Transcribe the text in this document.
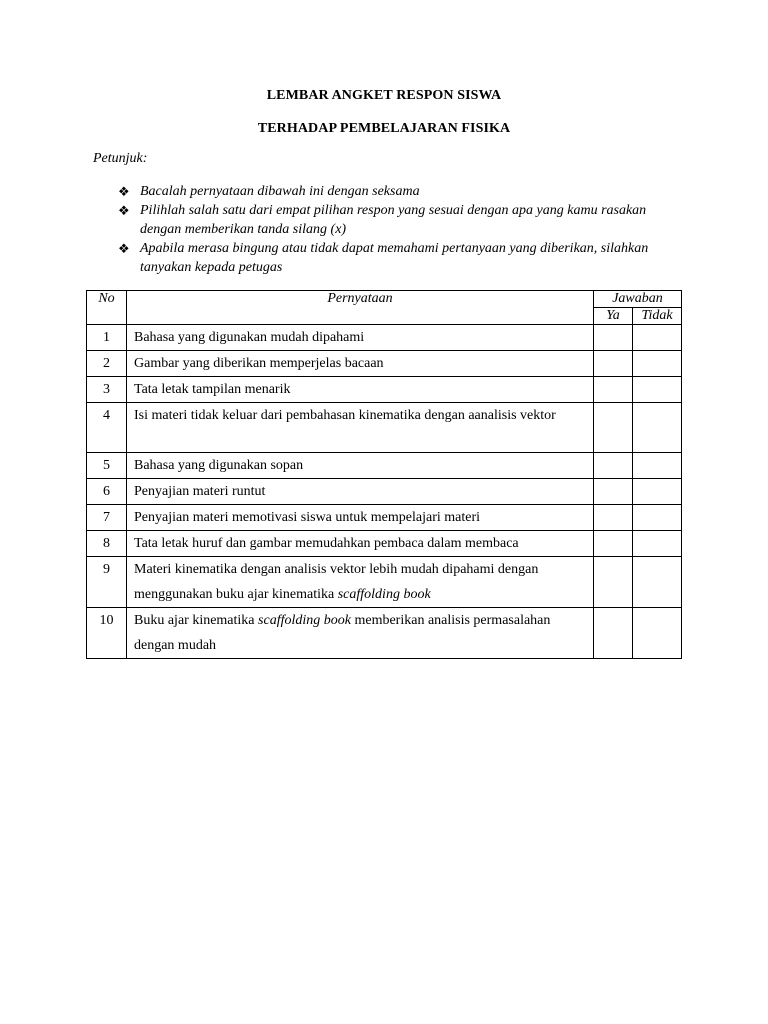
LEMBAR ANGKET RESPON SISWA
TERHADAP PEMBELAJARAN FISIKA
Petunjuk:
❖ Bacalah pernyataan dibawah ini dengan seksama
❖ Pilihlah salah satu dari empat pilihan respon yang sesuai dengan apa yang kamu rasakan dengan memberikan tanda silang (x)
❖ Apabila merasa bingung atau tidak dapat memahami pertanyaan yang diberikan, silahkan tanyakan kepada petugas
No	Pernyataan	Jawaban	
		Ya	Tidak
1	Bahasa yang digunakan mudah dipahami		
2	Gambar yang diberikan memperjelas bacaan		
3	Tata letak tampilan menarik		
4	Isi materi tidak keluar dari pembahasan kinematika dengan aanalisis vektor		
5	Bahasa yang digunakan sopan		
6	Penyajian materi runtut		
7	Penyajian materi memotivasi siswa untuk mempelajari materi		
8	Tata letak huruf dan gambar memudahkan pembaca dalam membaca		
9	Materi kinematika dengan analisis vektor lebih mudah dipahami dengan menggunakan buku ajar kinematika scaffolding book		
10	Buku ajar kinematika scaffolding book memberikan analisis permasalahan dengan mudah		
